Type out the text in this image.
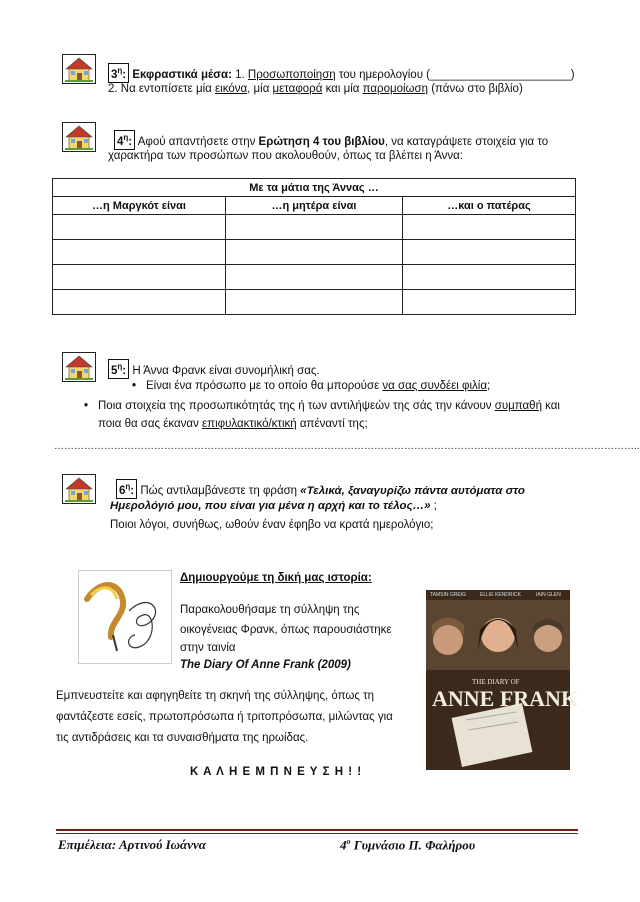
$3^\eta$: Εκφραστικά μέσα: 1. Προσωποποίηση του ημερολογίου (______________________)
2. Να εντοπίσετε μία εικόνα, μία μεταφορά και μία παρομοίωση (πάνω στο βιβλίο)
$4^\eta$: Αφού απαντήσετε στην Ερώτηση 4 του βιβλίου, να καταγράψετε στοιχεία για το
χαρακτήρα των προσώπων που ακολουθούν, όπως τα βλέπει η Άννα:
Με τα μάτια της Άννας …		
…η Μαργκότ είναι	…η μητέρα είναι	…και ο πατέρας

$5^\eta$: Η Άννα Φρανκ είναι συνομήλική σας.
• Είναι ένα πρόσωπο με το οποίο θα μπορούσε να σας συνδέει φιλία;
• Ποια στοιχεία της προσωπικότητάς της ή των αντιλήψεών της σάς την κάνουν συμπαθή και
ποια θα σας έκαναν επιφυλακτικό/κτική απέναντί της;
…………………………………………………………………………………………………………………………………………………………..
$6^\eta$: Πώς αντιλαμβάνεστε τη φράση «Τελικά, ξαναγυρίζω πάντα αυτόματα στο
Ημερολόγιό μου, που είναι για μένα η αρχή και το τέλος…» ;
Ποιοι λόγοι, συνήθως, ωθούν έναν έφηβο να κρατά ημερολόγιο;
Δημιουργούμε τη δική μας ιστορία:
Παρακολουθήσαμε τη σύλληψη της
οικογένειας Φρανκ, όπως παρουσιάστηκε
στην ταινία
The Diary Of Anne Frank (2009)
Εμπνευστείτε και αφηγηθείτε τη σκηνή της σύλληψης, όπως τη
φαντάζεστε εσείς, πρωτοπρόσωπα ή τριτοπρόσωπα, μιλώντας για
τις αντιδράσεις και τα συναισθήματα της ηρωίδας.
Κ Α Λ Η Ε Μ Π Ν Ε Υ Σ Η ! !
TAMSIN GREIG	ELLIE KENDRICK	IAIN GLEN
THE DIARY OF
ANNE FRANK
Επιμέλεια: Αρτινού Ιωάννα	$4^o$ Γυμνάσιο Π. Φαλήρου
